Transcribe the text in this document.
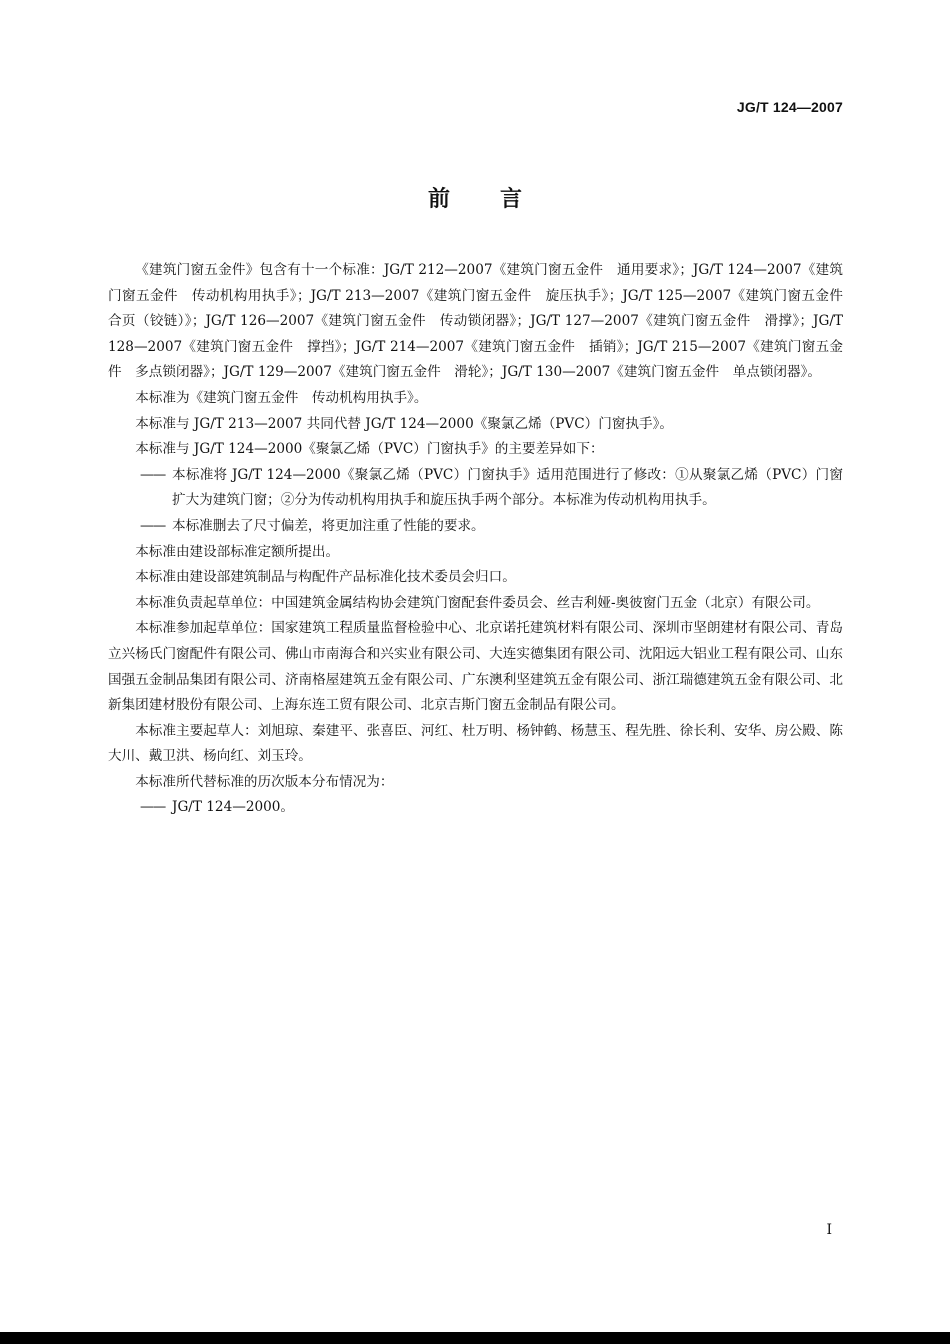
JG/T 124—2007
前言

《建筑门窗五金件》包含有十一个标准：JG/T 212—2007《建筑门窗五金件　通用要求》；JG/T 124—2007《建筑门窗五金件　传动机构用执手》；JG/T 213—2007《建筑门窗五金件　旋压执手》；JG/T 125—2007《建筑门窗五金件　合页（铰链）》；JG/T 126—2007《建筑门窗五金件　传动锁闭器》；JG/T 127—2007《建筑门窗五金件　滑撑》；JG/T 128—2007《建筑门窗五金件　撑挡》；JG/T 214—2007《建筑门窗五金件　插销》；JG/T 215—2007《建筑门窗五金件　多点锁闭器》；JG/T 129—2007《建筑门窗五金件　滑轮》；JG/T 130—2007《建筑门窗五金件　单点锁闭器》。

本标准为《建筑门窗五金件　传动机构用执手》。

本标准与 JG/T 213—2007 共同代替 JG/T 124—2000《聚氯乙烯（PVC）门窗执手》。

本标准与 JG/T 124—2000《聚氯乙烯（PVC）门窗执手》的主要差异如下：

—— 本标准将 JG/T 124—2000《聚氯乙烯（PVC）门窗执手》适用范围进行了修改：①从聚氯乙烯（PVC）门窗扩大为建筑门窗；②分为传动机构用执手和旋压执手两个部分。本标准为传动机构用执手。

—— 本标准删去了尺寸偏差，将更加注重了性能的要求。

本标准由建设部标准定额所提出。

本标准由建设部建筑制品与构配件产品标准化技术委员会归口。

本标准负责起草单位：中国建筑金属结构协会建筑门窗配套件委员会、丝吉利娅-奥彼窗门五金（北京）有限公司。

本标准参加起草单位：国家建筑工程质量监督检验中心、北京诺托建筑材料有限公司、深圳市坚朗建材有限公司、青岛立兴杨氏门窗配件有限公司、佛山市南海合和兴实业有限公司、大连实德集团有限公司、沈阳远大铝业工程有限公司、山东国强五金制品集团有限公司、济南格屋建筑五金有限公司、广东澳利坚建筑五金有限公司、浙江瑞德建筑五金有限公司、北新集团建材股份有限公司、上海东连工贸有限公司、北京吉斯门窗五金制品有限公司。

本标准主要起草人：刘旭琼、秦建平、张喜臣、河红、杜万明、杨钟鹤、杨慧玉、程先胜、徐长利、安华、房公殿、陈大川、戴卫洪、杨向红、刘玉玲。

本标准所代替标准的历次版本分布情况为：

—— JG/T 124—2000。

I
